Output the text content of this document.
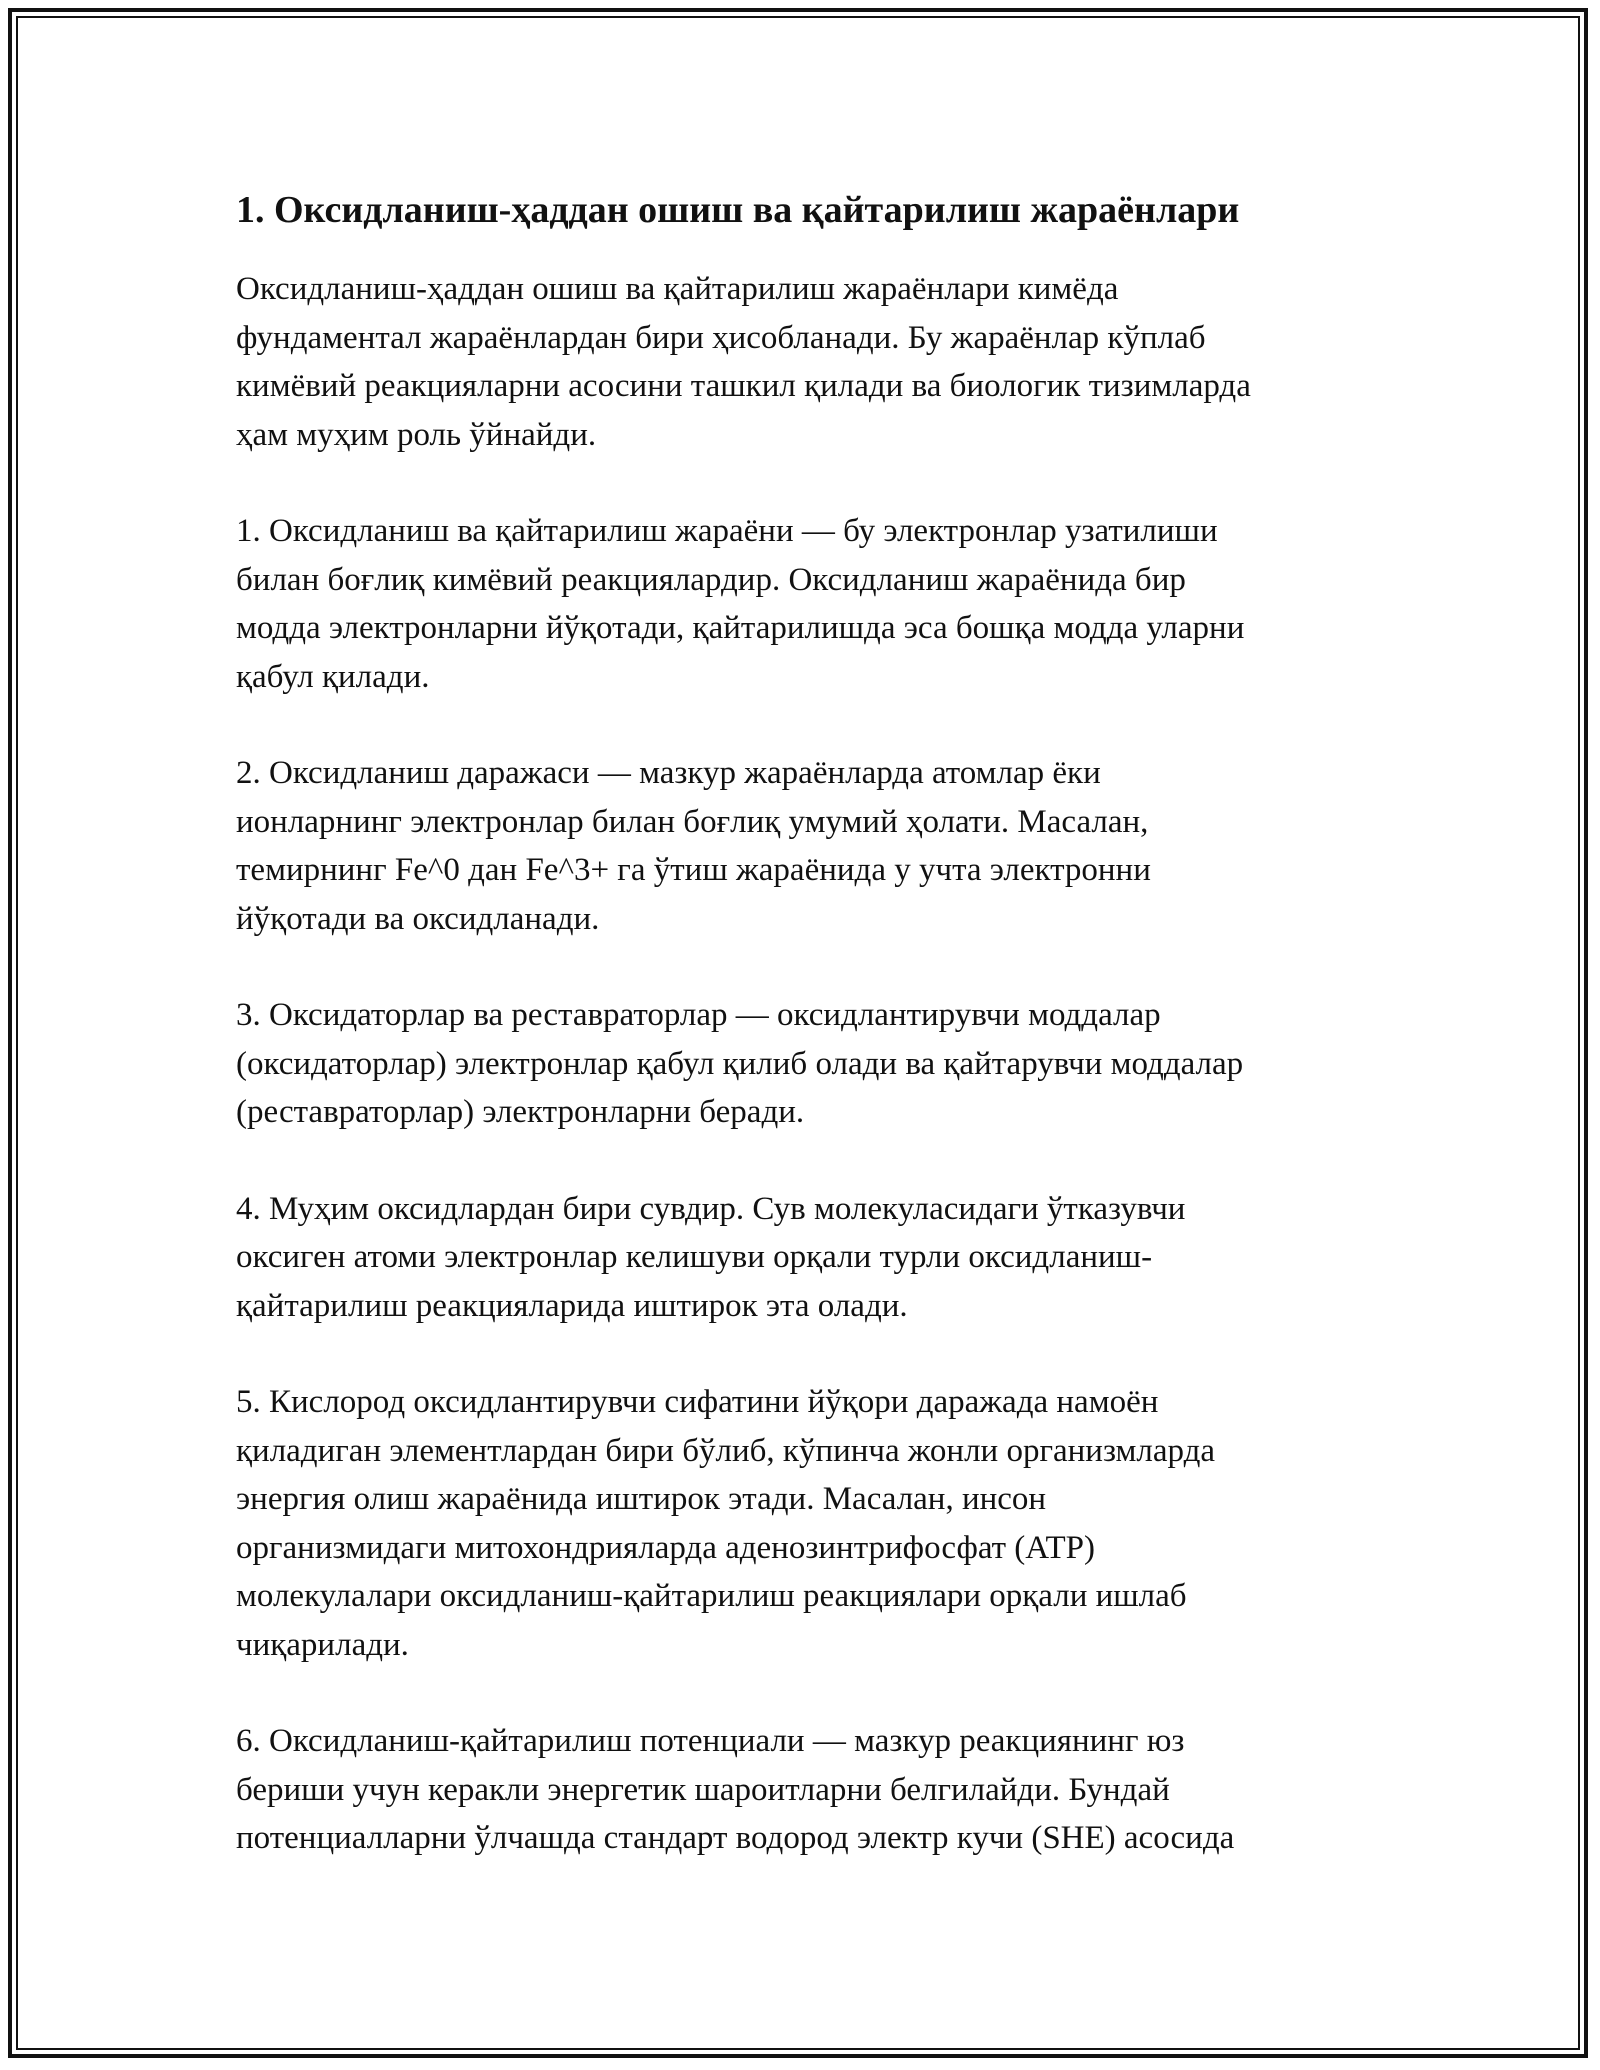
1. Оксидланиш-ҳаддан ошиш ва қайтарилиш жараёнлари
Оксидланиш-ҳаддан ошиш ва қайтарилиш жараёнлари кимёда
фундаментал жараёнлардан бири ҳисобланади. Бу жараёнлар кўплаб
кимёвий реакцияларни асосини ташкил қилади ва биологик тизимларда
ҳам муҳим роль ўйнайди.
1. Оксидланиш ва қайтарилиш жараёни — бу электронлар узатилиши
билан боғлиқ кимёвий реакциялардир. Оксидланиш жараёнида бир
модда электронларни йўқотади, қайтарилишда эса бошқа модда уларни
қабул қилади.
2. Оксидланиш даражаси — мазкур жараёнларда атомлар ёки
ионларнинг электронлар билан боғлиқ умумий ҳолати. Масалан,
темирнинг Fe^0 дан Fe^3+ га ўтиш жараёнида у учта электронни
йўқотади ва оксидланади.
3. Оксидаторлар ва реставраторлар — оксидлантирувчи моддалар
(оксидаторлар) электронлар қабул қилиб олади ва қайтарувчи моддалар
(реставраторлар) электронларни беради.
4. Муҳим оксидлардан бири сувдир. Сув молекуласидаги ўтказувчи
оксиген атоми электронлар келишуви орқали турли оксидланиш-
қайтарилиш реакцияларида иштирок эта олади.
5. Кислород оксидлантирувчи сифатини йўқори даражада намоён
қиладиган элементлардан бири бўлиб, кўпинча жонли организмларда
энергия олиш жараёнида иштирок этади. Масалан, инсон
организмидаги митохондрияларда аденозинтрифосфат (ATP)
молекулалари оксидланиш-қайтарилиш реакциялари орқали ишлаб
чиқарилади.
6. Оксидланиш-қайтарилиш потенциали — мазкур реакциянинг юз
бериши учун керакли энергетик шароитларни белгилайди. Бундай
потенциалларни ўлчашда стандарт водород электр кучи (SHE) асосида
